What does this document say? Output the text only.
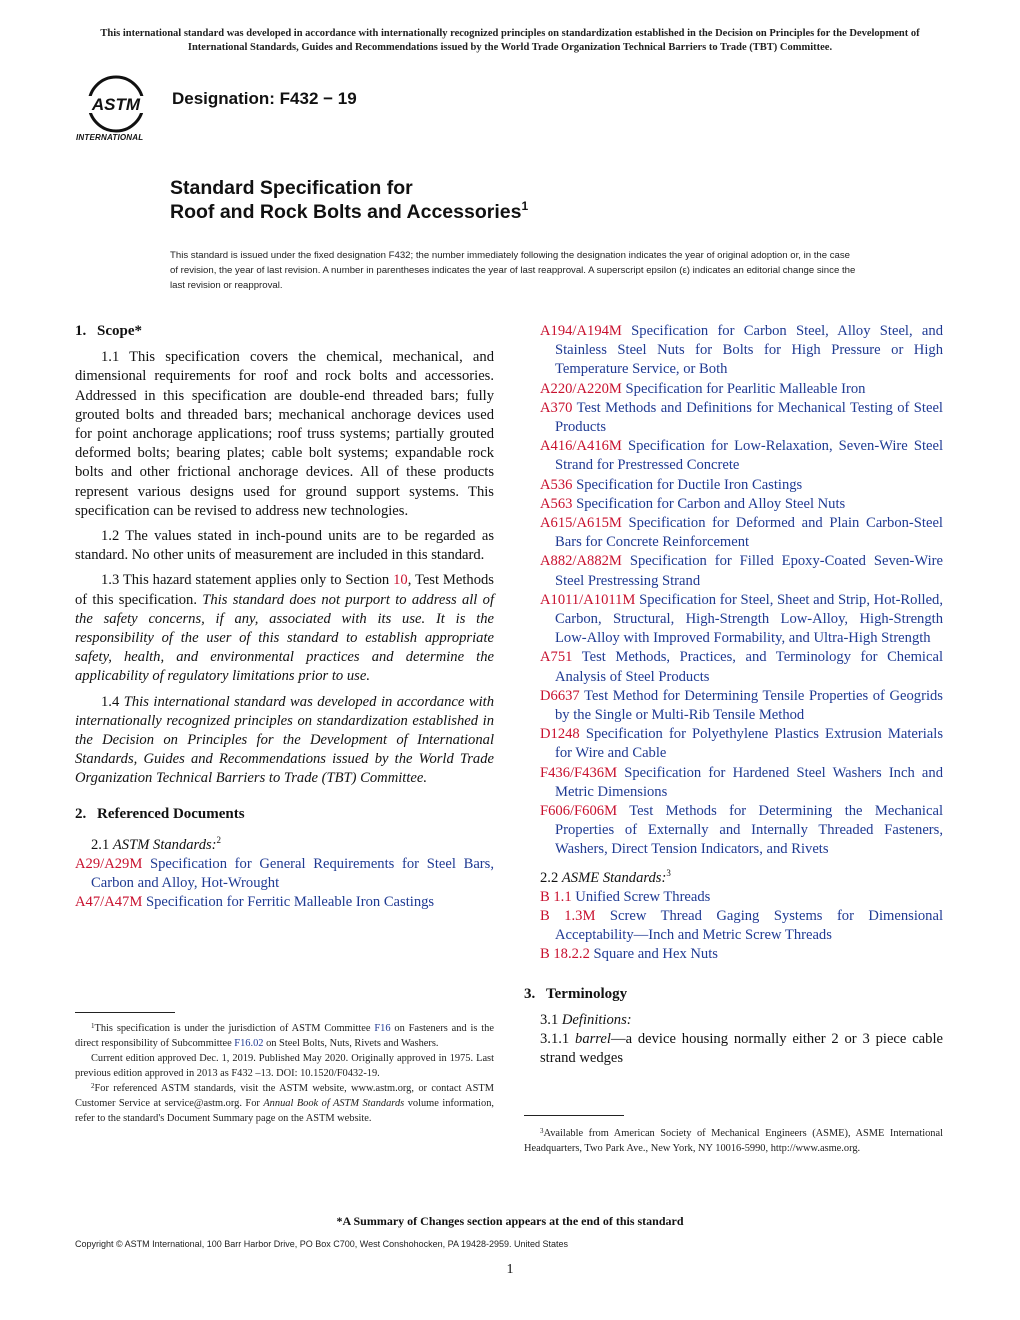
This international standard was developed in accordance with internationally recognized principles on standardization established in the Decision on Principles for the Development of International Standards, Guides and Recommendations issued by the World Trade Organization Technical Barriers to Trade (TBT) Committee.
ASTM
INTERNATIONAL
Designation: F432 − 19
Standard Specification for
Roof and Rock Bolts and Accessories$^1$
This standard is issued under the fixed designation F432; the number immediately following the designation indicates the year of original adoption or, in the case of revision, the year of last revision. A number in parentheses indicates the year of last reapproval. A superscript epsilon (ε) indicates an editorial change since the last revision or reapproval.
1. Scope*

1.1 This specification covers the chemical, mechanical, and dimensional requirements for roof and rock bolts and accessories. Addressed in this specification are double-end threaded bars; fully grouted bolts and threaded bars; mechanical anchorage devices used for point anchorage applications; roof truss systems; partially grouted deformed bolts; bearing plates; cable bolt systems; expandable rock bolts and other frictional anchorage devices. All of these products represent various designs used for ground support systems. This specification can be revised to address new technologies.

1.2 The values stated in inch-pound units are to be regarded as standard. No other units of measurement are included in this standard.

1.3 This hazard statement applies only to Section 10, Test Methods of this specification. This standard does not purport to address all of the safety concerns, if any, associated with its use. It is the responsibility of the user of this standard to establish appropriate safety, health, and environmental practices and determine the applicability of regulatory limitations prior to use.

1.4 This international standard was developed in accordance with internationally recognized principles on standardization established in the Decision on Principles for the Development of International Standards, Guides and Recommendations issued by the World Trade Organization Technical Barriers to Trade (TBT) Committee.

2. Referenced Documents

2.1 ASTM Standards:$^2$

A29/A29M Specification for General Requirements for Steel Bars, Carbon and Alloy, Hot-Wrought
A47/A47M Specification for Ferritic Malleable Iron Castings

$^1$This specification is under the jurisdiction of ASTM Committee F16 on Fasteners and is the direct responsibility of Subcommittee F16.02 on Steel Bolts, Nuts, Rivets and Washers.

Current edition approved Dec. 1, 2019. Published May 2020. Originally approved in 1975. Last previous edition approved in 2013 as F432 –13. DOI: 10.1520/F0432-19.

$^2$For referenced ASTM standards, visit the ASTM website, www.astm.org, or contact ASTM Customer Service at service@astm.org. For Annual Book of ASTM Standards volume information, refer to the standard's Document Summary page on the ASTM website.

A194/A194M Specification for Carbon Steel, Alloy Steel, and Stainless Steel Nuts for Bolts for High Pressure or High Temperature Service, or Both
A220/A220M Specification for Pearlitic Malleable Iron
A370 Test Methods and Definitions for Mechanical Testing of Steel Products
A416/A416M Specification for Low-Relaxation, Seven-Wire Steel Strand for Prestressed Concrete
A536 Specification for Ductile Iron Castings
A563 Specification for Carbon and Alloy Steel Nuts
A615/A615M Specification for Deformed and Plain Carbon-Steel Bars for Concrete Reinforcement
A882/A882M Specification for Filled Epoxy-Coated Seven-Wire Steel Prestressing Strand
A1011/A1011M Specification for Steel, Sheet and Strip, Hot-Rolled, Carbon, Structural, High-Strength Low-Alloy, High-Strength Low-Alloy with Improved Formability, and Ultra-High Strength
A751 Test Methods, Practices, and Terminology for Chemical Analysis of Steel Products
D6637 Test Method for Determining Tensile Properties of Geogrids by the Single or Multi-Rib Tensile Method
D1248 Specification for Polyethylene Plastics Extrusion Materials for Wire and Cable
F436/F436M Specification for Hardened Steel Washers Inch and Metric Dimensions
F606/F606M Test Methods for Determining the Mechanical Properties of Externally and Internally Threaded Fasteners, Washers, Direct Tension Indicators, and Rivets

2.2 ASME Standards:$^3$

B 1.1 Unified Screw Threads
B 1.3M Screw Thread Gaging Systems for Dimensional Acceptability—Inch and Metric Screw Threads
B 18.2.2 Square and Hex Nuts
3. Terminology

3.1 Definitions:

3.1.1 barrel—a device housing normally either 2 or 3 piece cable strand wedges

$^3$Available from American Society of Mechanical Engineers (ASME), ASME International Headquarters, Two Park Ave., New York, NY 10016-5990, http://www.asme.org.

*A Summary of Changes section appears at the end of this standard
Copyright © ASTM International, 100 Barr Harbor Drive, PO Box C700, West Conshohocken, PA 19428-2959. United States
1
